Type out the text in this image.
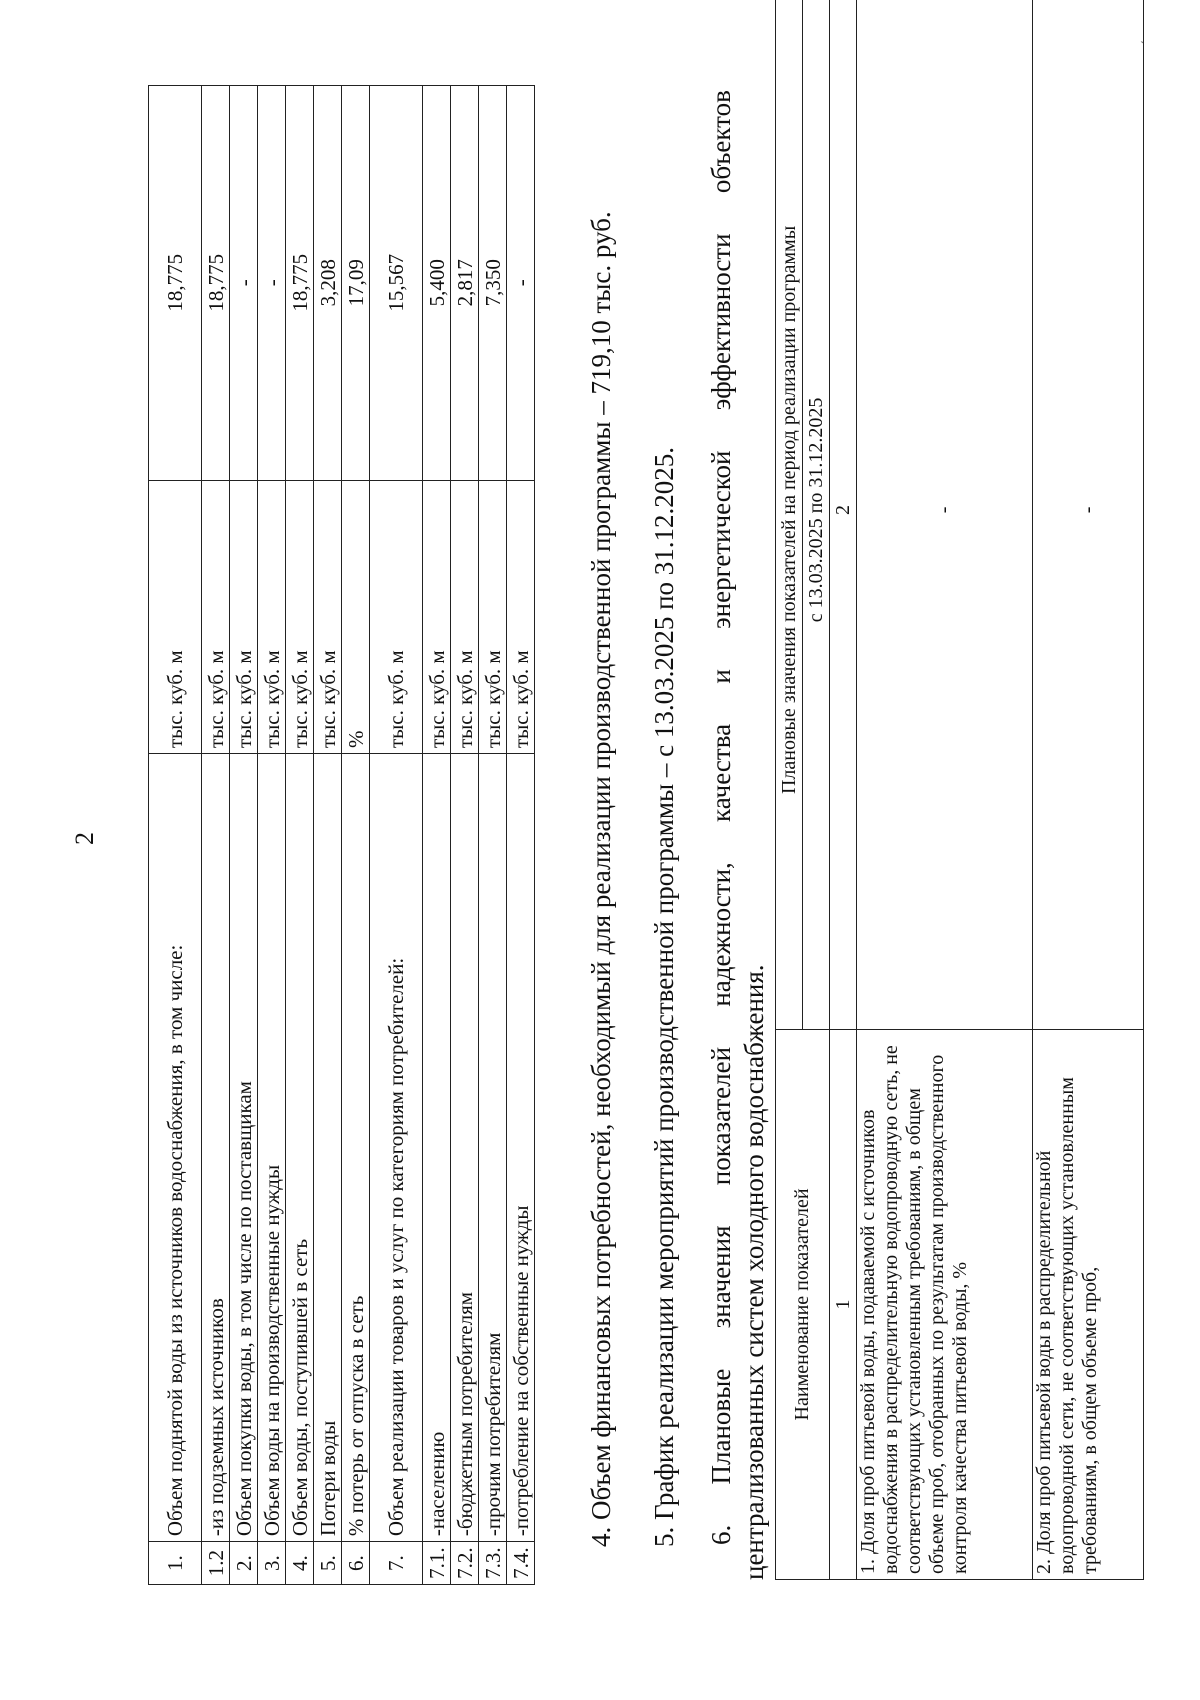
`
2
1.	Объем поднятой воды из источников водоснабжения, в том числе:	тыс. куб. м	18,775
1.2	-из подземных источников	тыс. куб. м	18,775
2.	Объем покупки воды, в том числе по поставщикам	тыс. куб. м	-
3.	Объем воды на производственные нужды	тыс. куб. м	-
4.	Объем воды, поступившей в сеть	тыс. куб. м	18,775
5.	Потери воды	тыс. куб. м	3,208
6.	% потерь от отпуска в сеть	%	17,09
7.	Объем реализации товаров и услуг по категориям потребителей:	тыс. куб. м	15,567
7.1.	-населению	тыс. куб. м	5,400
7.2.	-бюджетным потребителям	тыс. куб. м	2,817
7.3.	-прочим потребителям	тыс. куб. м	7,350
7.4.	-потребление на собственные нужды	тыс. куб. м	- 4. Объем финансовых потребностей, необходимый для реализации производственной программы – 719,10 тыс. руб. 5. График реализации мероприятий производственной программы – с 13.03.2025 по 31.12.2025. 6.
Плановые
значения
показателей
надежности,
качества
и
энергетической
эффективности
объектов
централизованных систем холодного водоснабжения. Наименование показателей	Плановые значения показателей на период реализации программы
	с 13.03.2025 по 31.12.2025
1	2
1. Доля проб питьевой воды, подаваемой с источников водоснабжения в распределительную водопроводную сеть, не соответствующих установленным требованиям, в общем объеме проб, отобранных по результатам производственного контроля качества питьевой воды, %	-
2. Доля проб питьевой воды в распределительной водопроводной сети, не соответствующих установленным требованиям, в общем объеме проб,	-
